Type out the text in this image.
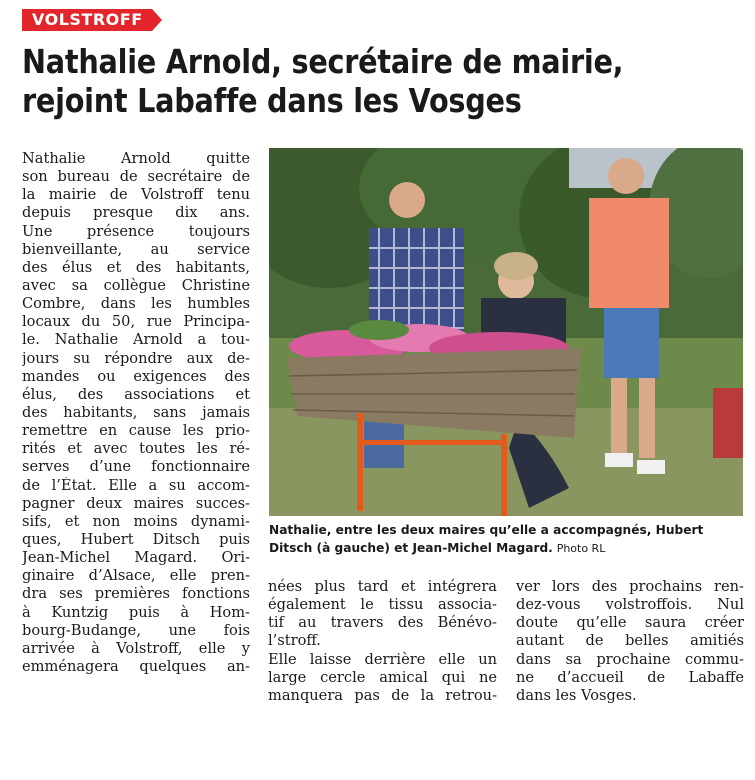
VOLSTROFF
Nathalie Arnold, secrétaire de mairie,
rejoint Labaffe dans les Vosges
Nathalie Arnold quitte
son bureau de secrétaire de
la mairie de Volstroff tenu
depuis presque dix ans.
Une présence toujours
bienveillante, au service
des élus et des habitants,
avec sa collègue Christine
Combre, dans les humbles
locaux du 50, rue Principa-
le. Nathalie Arnold a tou-
jours su répondre aux de-
mandes ou exigences des
élus, des associations et
des habitants, sans jamais
remettre en cause les prio-
rités et avec toutes les ré-
serves d’une fonctionnaire
de l’État. Elle a su accom-
pagner deux maires succes-
sifs, et non moins dynami-
ques, Hubert Ditsch puis
Jean-Michel Magard. Ori-
ginaire d’Alsace, elle pren-
dra ses premières fonctions
à Kuntzig puis à Hom-
bourg-Budange, une fois
arrivée à Volstroff, elle y
emménagera quelques an-
Nathalie, entre les deux maires qu’elle a accompagnés, Hubert Ditsch (à gauche) et Jean-Michel Magard. Photo RL
nées plus tard et intégrera
également le tissu associa-
tif au travers des Bénévo-
l’stroff.
Elle laisse derrière elle un
large cercle amical qui ne
manquera pas de la retrou-
ver lors des prochains ren-
dez-vous volstroffois. Nul
doute qu’elle saura créer
autant de belles amitiés
dans sa prochaine commu-
ne d’accueil de Labaffe
dans les Vosges.
